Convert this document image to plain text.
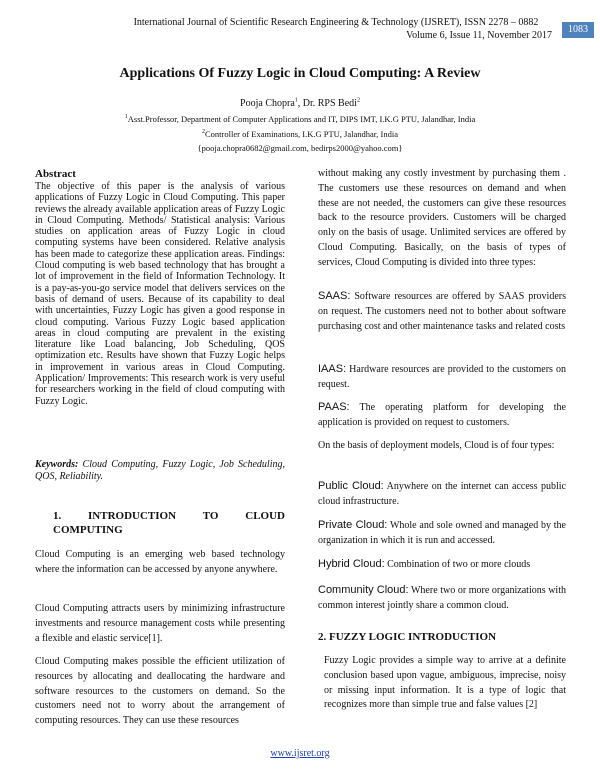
International Journal of Scientific Research Engineering & Technology (IJSRET), ISSN 2278 – 0882
Volume 6, Issue 11, November 2017
1083
Applications Of Fuzzy Logic in Cloud Computing: A Review
Pooja Chopra$^1$, Dr. RPS Bedi$^2$
$^1$Asst.Professor, Department of Computer Applications and IT, DIPS IMT, I.K.G PTU, Jalandhar, India
$^2$Controller of Examinations, I.K.G PTU, Jalandhar, India
{pooja.chopra0682@gmail.com, bedirps2000@yahoo.com}
Abstract
The objective of this paper is the analysis of various applications of Fuzzy Logic in Cloud Computing. This paper reviews the already available application areas of Fuzzy Logic in Cloud Computing. Methods/ Statistical analysis: Various studies on application areas of Fuzzy Logic in cloud computing systems have been considered. Relative analysis has been made to categorize these application areas. Findings: Cloud computing is web based technology that has brought a lot of improvement in the field of Information Technology. It is a pay-as-you-go service model that delivers services on the basis of demand of users. Because of its capability to deal with uncertainties, Fuzzy Logic has given a good response in cloud computing. Various Fuzzy Logic based application areas in cloud computing are prevalent in the existing literature like Load balancing, Job Scheduling, QOS optimization etc. Results have shown that Fuzzy Logic helps in improvement in various areas in Cloud Computing. Application/ Improvements: This research work is very useful for researchers working in the field of cloud computing with Fuzzy Logic.
Keywords: Cloud Computing, Fuzzy Logic, Job Scheduling, QOS, Reliability.
1. INTRODUCTION TO CLOUD
COMPUTING
Cloud Computing is an emerging web based technology where the information can be accessed by anyone anywhere.
Cloud Computing attracts users by minimizing infrastructure investments and resource management costs while presenting a flexible and elastic service[1].
Cloud Computing makes possible the efficient utilization of resources by allocating and deallocating the hardware and software resources to the customers on demand. So the customers need not to worry about the arrangement of computing resources. They can use these resources
without making any costly investment by purchasing them . The customers use these resources on demand and when these are not needed, the customers can give these resources back to the resource providers. Customers will be charged only on the basis of usage. Unlimited services are offered by Cloud Computing. Basically, on the basis of types of services, Cloud Computing is divided into three types:
SAAS: Software resources are offered by SAAS providers on request. The customers need not to bother about software purchasing cost and other maintenance tasks and related costs
IAAS: Hardware resources are provided to the customers on request.
PAAS: The operating platform for developing the application is provided on request to customers.
On the basis of deployment models, Cloud is of four types:
Public Cloud: Anywhere on the internet can access public cloud infrastructure.
Private Cloud: Whole and sole owned and managed by the organization in which it is run and accessed.
Hybrid Cloud: Combination of two or more clouds
Community Cloud: Where two or more organizations with common interest jointly share a common cloud.
2. FUZZY LOGIC INTRODUCTION
Fuzzy Logic provides a simple way to arrive at a definite conclusion based upon vague, ambiguous, imprecise, noisy or missing input information. It is a type of logic that recognizes more than simple true and false values [2]
www.ijsret.org
